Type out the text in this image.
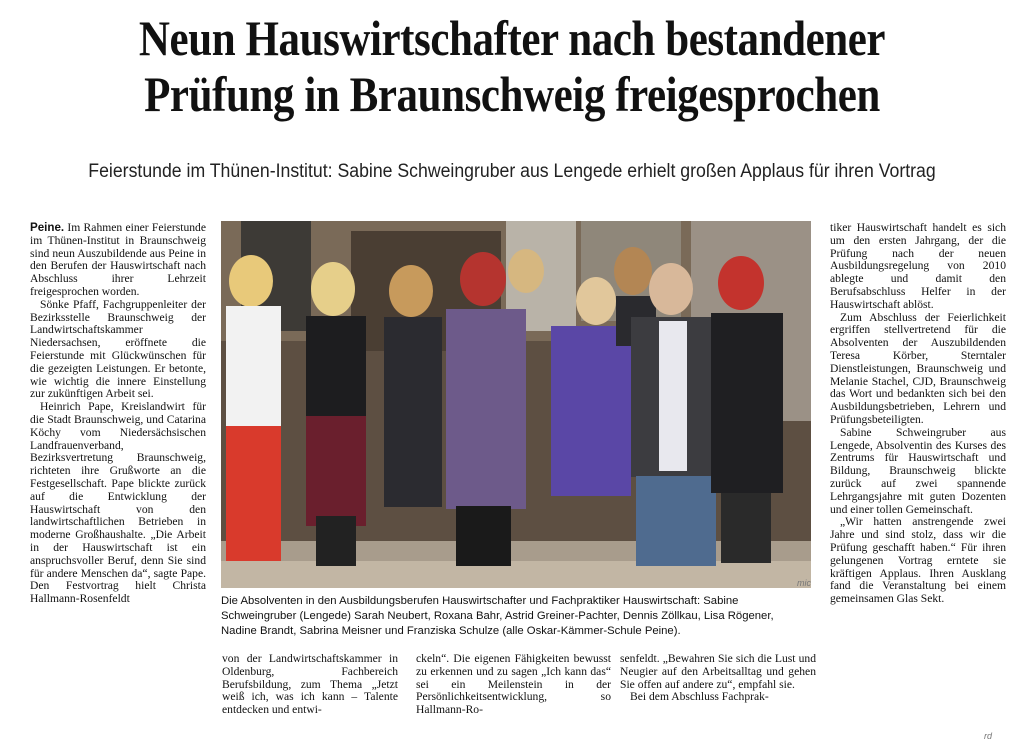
Neun Hauswirtschafter nach bestandener
Prüfung in Braunschweig freigesprochen
Feierstunde im Thünen-Institut: Sabine Schweingruber aus Lengede erhielt großen Applaus für ihren Vortrag

Peine. Im Rahmen einer Feierstunde im Thünen-Institut in Braunschweig sind neun Auszubildende aus Peine in den Berufen der Hauswirtschaft nach Abschluss ihrer Lehrzeit freigesprochen worden.

Sönke Pfaff, Fachgruppenleiter der Bezirksstelle Braunschweig der Landwirtschaftskammer Niedersachsen, eröffnete die Feierstunde mit Glückwünschen für die gezeigten Leistungen. Er betonte, wie wichtig die innere Einstellung zur zukünftigen Arbeit sei.

Heinrich Pape, Kreislandwirt für die Stadt Braunschweig, und Catarina Köchy vom Niedersächsischen Landfrauenverband, Bezirksvertretung Braunschweig, richteten ihre Grußworte an die Festgesellschaft. Pape blickte zurück auf die Entwicklung der Hauswirtschaft von den landwirtschaftlichen Betrieben in moderne Großhaushalte. „Die Arbeit in der Hauswirtschaft ist ein anspruchsvoller Beruf, denn Sie sind für andere Menschen da“, sagte Pape. Den Festvortrag hielt Christa Hallmann-Rosenfeldt

mic
Die Absolventen in den Ausbildungsberufen Hauswirtschafter und Fachpraktiker Hauswirtschaft: Sabine Schweingruber (Lengede) Sarah Neubert, Roxana Bahr, Astrid Greiner-Pachter, Dennis Zöllkau, Lisa Rögener, Nadine Brandt, Sabrina Meisner und Franziska Schulze (alle Oskar-Kämmer-Schule Peine).

von der Landwirtschaftskammer in Oldenburg, Fachbereich Berufsbildung, zum Thema „Jetzt weiß ich, was ich kann – Talente entdecken und entwi-

ckeln“. Die eigenen Fähigkeiten bewusst zu erkennen und zu sagen „Ich kann das“ sei ein Meilenstein in der Persönlichkeitsentwicklung, so Hallmann-Ro-

senfeldt. „Bewahren Sie sich die Lust und Neugier auf den Arbeitsalltag und gehen Sie offen auf andere zu“, empfahl sie.

Bei dem Abschluss Fachprak-

tiker Hauswirtschaft handelt es sich um den ersten Jahrgang, der die Prüfung nach der neuen Ausbildungsregelung von 2010 ablegte und damit den Berufsabschluss Helfer in der Hauswirtschaft ablöst.

Zum Abschluss der Feierlichkeit ergriffen stellvertretend für die Absolventen der Auszubildenden Teresa Körber, Sterntaler Dienstleistungen, Braunschweig und Melanie Stachel, CJD, Braunschweig das Wort und bedankten sich bei den Ausbildungsbetrieben, Lehrern und Prüfungsbeteiligten.

Sabine Schweingruber aus Lengede, Absolventin des Kurses des Zentrums für Hauswirtschaft und Bildung, Braunschweig blickte zurück auf zwei spannende Lehrgangsjahre mit guten Dozenten und einer tollen Gemeinschaft.

„Wir hatten anstrengende zwei Jahre und sind stolz, dass wir die Prüfung geschafft haben.“ Für ihren gelungenen Vortrag erntete sie kräftigen Applaus. Ihren Ausklang fand die Veranstaltung bei einem gemeinsamen Glas Sekt.

rd
